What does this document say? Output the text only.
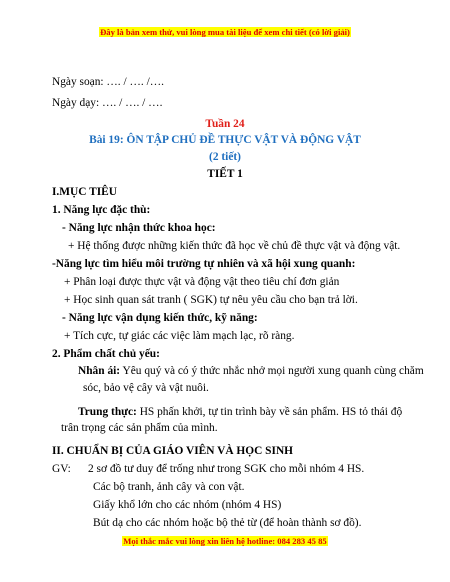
Đây là bản xem thử, vui lòng mua tài liệu để xem chi tiết (có lời giải)
Ngày soạn: …. / …. /….
Ngày dạy: …. / …. / ….
Tuần 24
Bài 19: ÔN TẬP CHỦ ĐỀ THỰC VẬT VÀ ĐỘNG VẬT
(2 tiết)
TIẾT 1
I.MỤC TIÊU
1. Năng lực đặc thù:
- Năng lực nhận thức khoa học:
+ Hệ thống được những kiến thức đã học về chủ đề thực vật và động vật.
-Năng lực tìm hiểu môi trường tự nhiên và xã hội xung quanh:
+ Phân loại được thực vật và động vật theo tiêu chí đơn giản
+ Học sinh quan sát tranh ( SGK) tự nêu yêu cầu cho bạn trả lời.
- Năng lực vận dụng kiến thức, kỹ năng:
+ Tích cực, tự giác các việc làm mạch lạc, rõ ràng.
2. Phẩm chất chủ yếu:
Nhân ái: Yêu quý và có ý thức nhắc nhở mọi người xung quanh cùng chăm
sóc, bảo vệ cây và vật nuôi.
Trung thực: HS phấn khởi, tự tin trình bày về sản phẩm. HS tỏ thái độ
trân trọng các sản phẩm của mình.
II. CHUẨN BỊ CỦA GIÁO VIÊN VÀ HỌC SINH
GV: 2 sơ đồ tư duy để trống như trong SGK cho mỗi nhóm 4 HS.
Các bộ tranh, ảnh cây và con vật.
Giấy khổ lớn cho các nhóm (nhóm 4 HS)
Bút dạ cho các nhóm hoặc bộ thẻ từ (để hoàn thành sơ đồ).
Mọi thắc mắc vui lòng xin liên hệ hotline: 084 283 45 85
